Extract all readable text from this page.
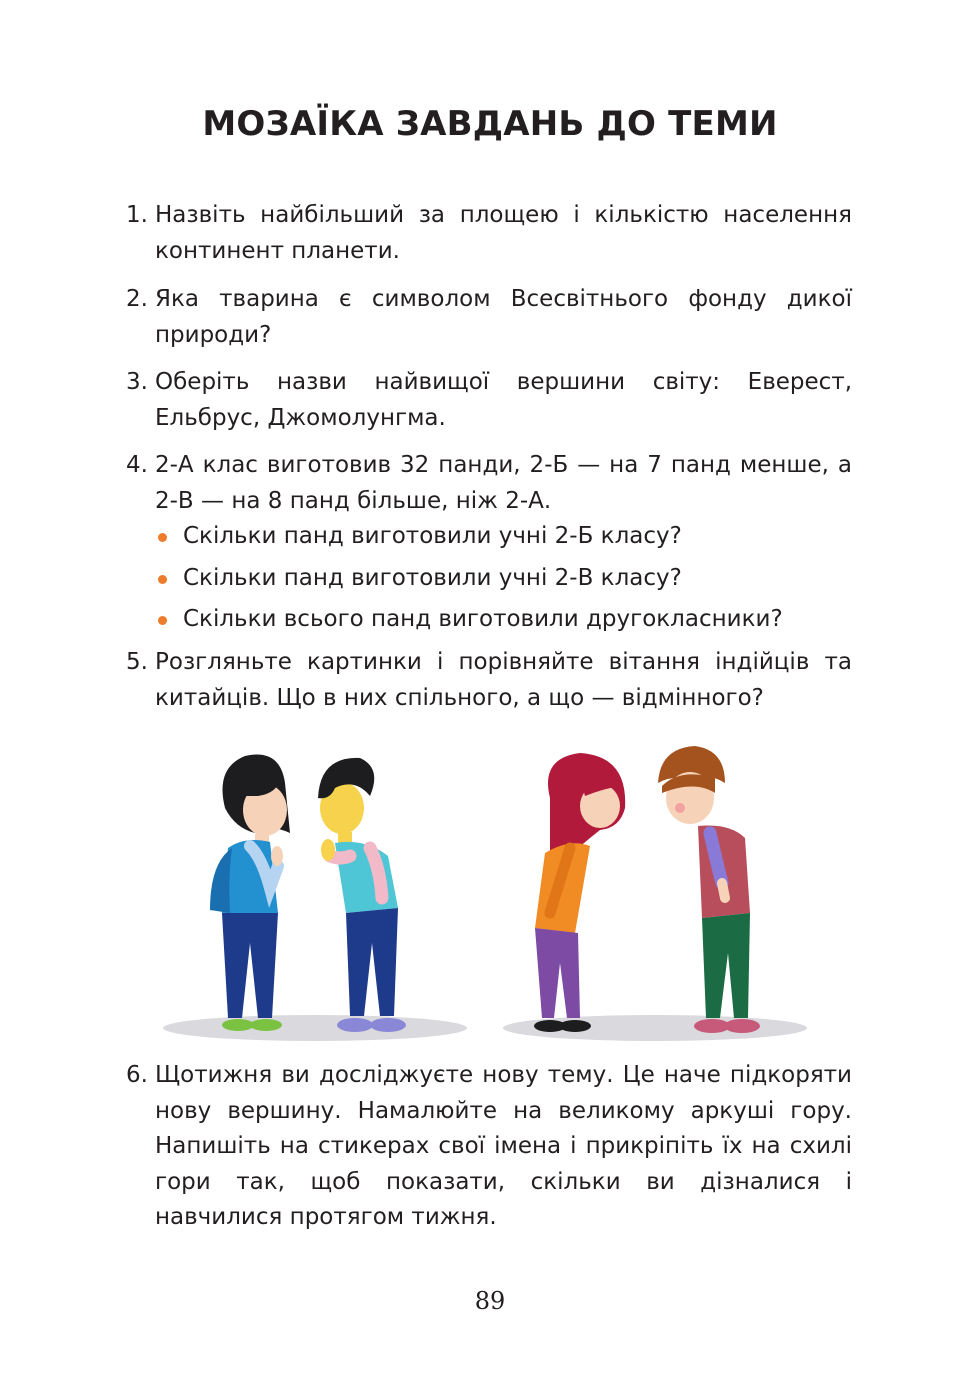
МОЗАЇКА ЗАВДАНЬ ДО ТЕМИ
1. Назвіть найбільший за площею і кількістю населення континент планети.
2. Яка тварина є символом Всесвітнього фонду дикої природи?
3. Оберіть назви найвищої вершини світу: Еверест, Ельбрус, Джомолунгма.
4. 2-А клас виготовив 32 панди, 2-Б — на 7 панд менше, а 2-В — на 8 панд більше, ніж 2-А.
Скільки панд виготовили учні 2-Б класу?
Скільки панд виготовили учні 2-В класу?
Скільки всього панд виготовили другокласники?
5. Розгляньте картинки і порівняйте вітання індійців та китайців. Що в них спільного, а що — відмінного?
6. Щотижня ви досліджуєте нову тему. Це наче підкоряти нову вершину. Намалюйте на великому аркуші гору. Напишіть на стикерах свої імена і прикріпіть їх на схилі гори так, щоб показати, скільки ви дізналися і навчилися протягом тижня.
89
